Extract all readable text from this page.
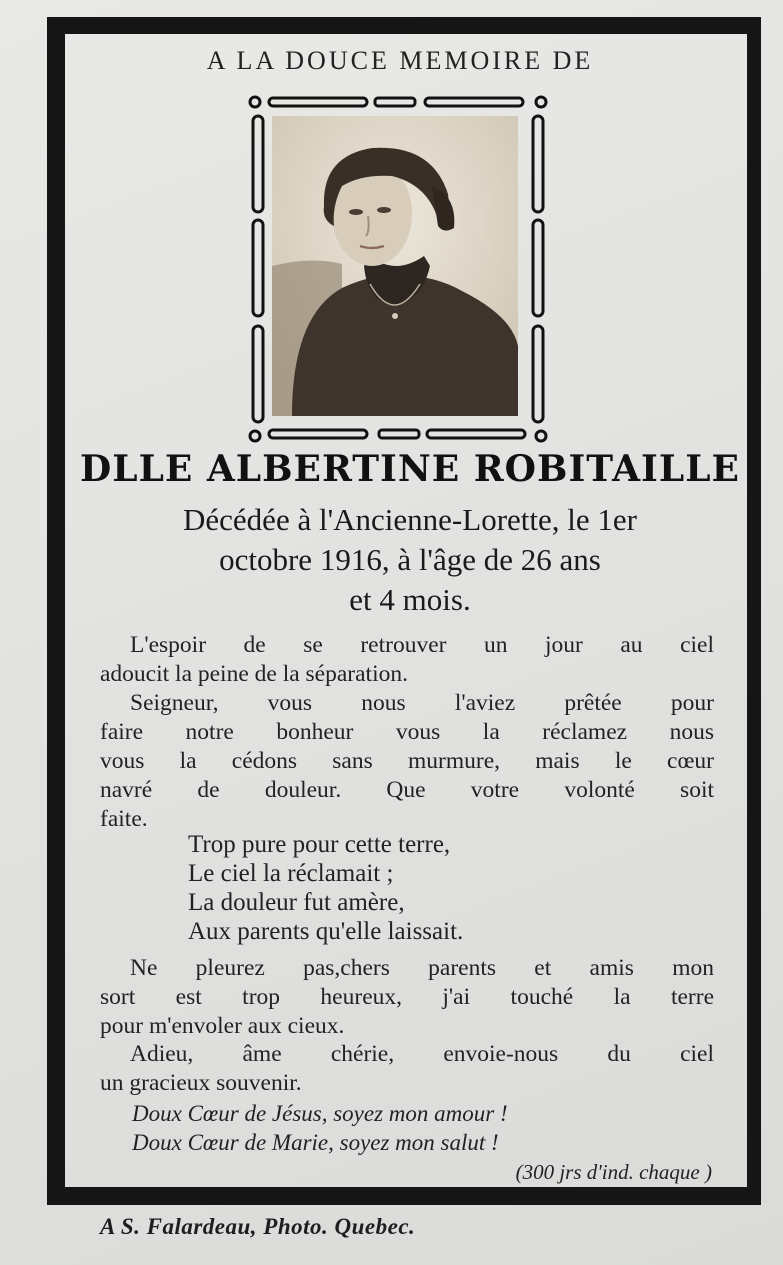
A LA DOUCE MEMOIRE DE
DLLE ALBERTINE ROBITAILLE
Décédée à l'Ancienne-Lorette, le 1er
octobre 1916, à l'âge de 26 ans
et 4 mois.
L'espoir de se retrouver un jour au ciel
adoucit la peine de la séparation.
Seigneur, vous nous l'aviez prêtée pour
faire notre bonheur vous la réclamez nous
vous la cédons sans murmure, mais le cœur
navré de douleur. Que votre volonté soit
faite.
Trop pure pour cette terre,
Le ciel la réclamait ;
La douleur fut amère,
Aux parents qu'elle laissait.
Ne pleurez pas,chers parents et amis mon
sort est trop heureux, j'ai touché la terre
pour m'envoler aux cieux.
Adieu, âme chérie, envoie-nous du ciel
un gracieux souvenir.
Doux Cœur de Jésus, soyez mon amour !
Doux Cœur de Marie, soyez mon salut !
(300 jrs d'ind. chaque )
A S. Falardeau, Photo. Quebec.
